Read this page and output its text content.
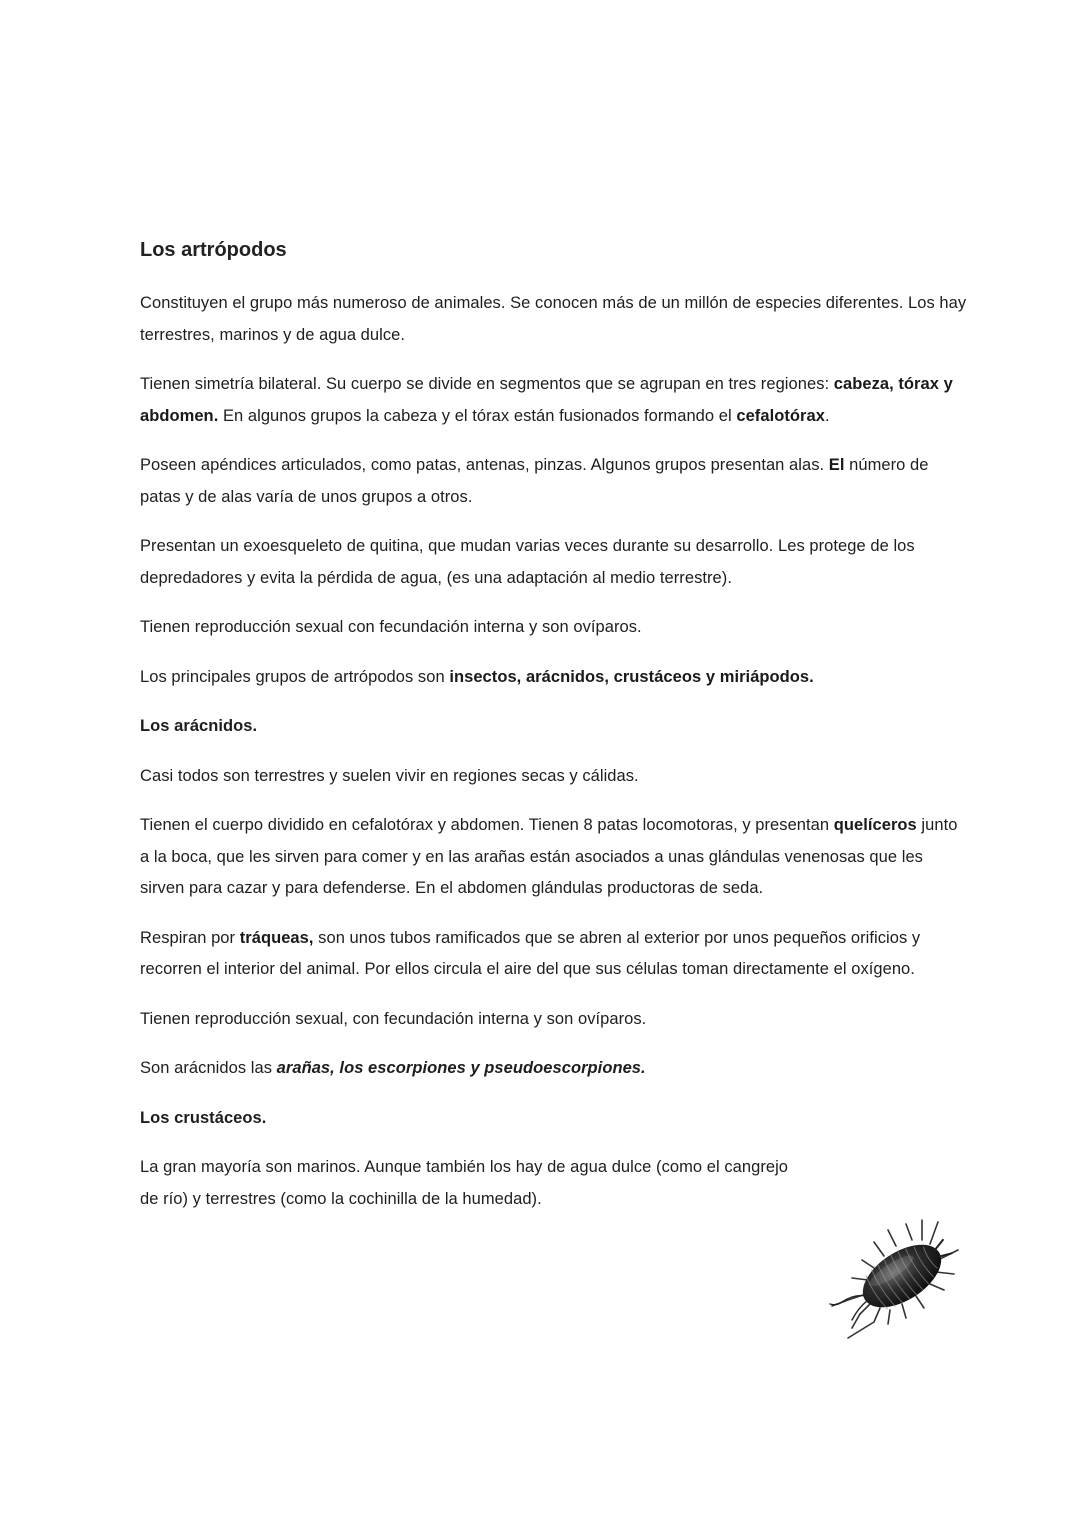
Los artrópodos

Constituyen el grupo más numeroso de animales. Se conocen más de un millón de especies diferentes. Los hay terrestres, marinos y de agua dulce.

Tienen simetría bilateral. Su cuerpo se divide en segmentos que se agrupan en tres regiones: cabeza, tórax y abdomen. En algunos grupos la cabeza y el tórax están fusionados formando el cefalotórax.

Poseen apéndices articulados, como patas, antenas, pinzas. Algunos grupos presentan alas. El número de patas y de alas varía de unos grupos a otros.

Presentan un exoesqueleto de quitina, que mudan varias veces durante su desarrollo. Les protege de los depredadores y evita la pérdida de agua, (es una adaptación al medio terrestre).

Tienen reproducción sexual con fecundación interna y son ovíparos.

Los principales grupos de artrópodos son insectos, arácnidos, crustáceos y miriápodos.

Los arácnidos.

Casi todos son terrestres y suelen vivir en regiones secas y cálidas.

Tienen el cuerpo dividido en cefalotórax y abdomen. Tienen 8 patas locomotoras, y presentan quelíceros junto a la boca, que les sirven para comer y en las arañas están asociados a unas glándulas venenosas que les sirven para cazar y para defenderse. En el abdomen glándulas productoras de seda.

Respiran por tráqueas, son unos tubos ramificados que se abren al exterior por unos pequeños orificios y recorren el interior del animal. Por ellos circula el aire del que sus células toman directamente el oxígeno.

Tienen reproducción sexual, con fecundación interna y son ovíparos.

Son arácnidos las arañas, los escorpiones y pseudoescorpiones.

Los crustáceos.

La gran mayoría son marinos. Aunque también los hay de agua dulce (como el cangrejo de río) y terrestres (como la cochinilla de la humedad).
